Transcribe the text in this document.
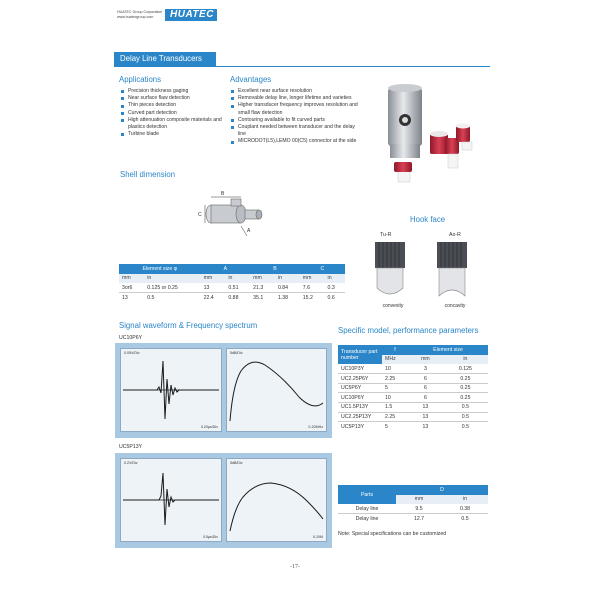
HUATEC Group Corporation
www.huatecgroup.com HUATEC
Delay Line Transducers
Applications
Precision thickness gaging
Near surface flaw detection
Thin pieces detection
Curved part detection
High attenuation composite materials and plastics detection
Turbine blade
Advantages
Excellent near surface resolution
Removable delay line, longer lifetime and varieties
Higher transducer frequency improves resolution and small flaw detection
Contouring available to fit curved parts
Couplant needed between transducer and the delay line
MICRODOT(L5),LEMO 00(C5) connector at the side
Shell dimension
B
C
A
Hook face
Tu-R	Ao-R
convexity	concavity
Element size φ		A		B		C	
mm	in	mm	in	mm	in	mm	in
3or6	0.125 or 0.25	13	0.51	21.3	0.84	7.6	0.3
13	0.5	22.4	0.88	35.1	1.38	15.2	0.6
Signal waveform & Frequency spectrum
UC10P6Y
0.05V/Div
0.20μs/Div
5dB/Div
0-20MHz
UC5P13Y
0.2V/Div
0.5μs/Div
5dB/Div
0-10M
Specific model, performance parameters
Transducer part number	f	Element size	
	MHz	mm	in
UC10P3Y	10	3	0.125
UC2.25P6Y	2.25	6	0.25
UC5P6Y	5	6	0.25
UC10P6Y	10	6	0.25
UC1.5P13Y	1.5	13	0.5
UC2.25P13Y	2.25	13	0.5
UC5P13Y	5	13	0.5
Parts	D	
	mm	in
Delay line	9.5	0.38
Delay line	12.7	0.5
Note: Special specifications can be customized
-17-
